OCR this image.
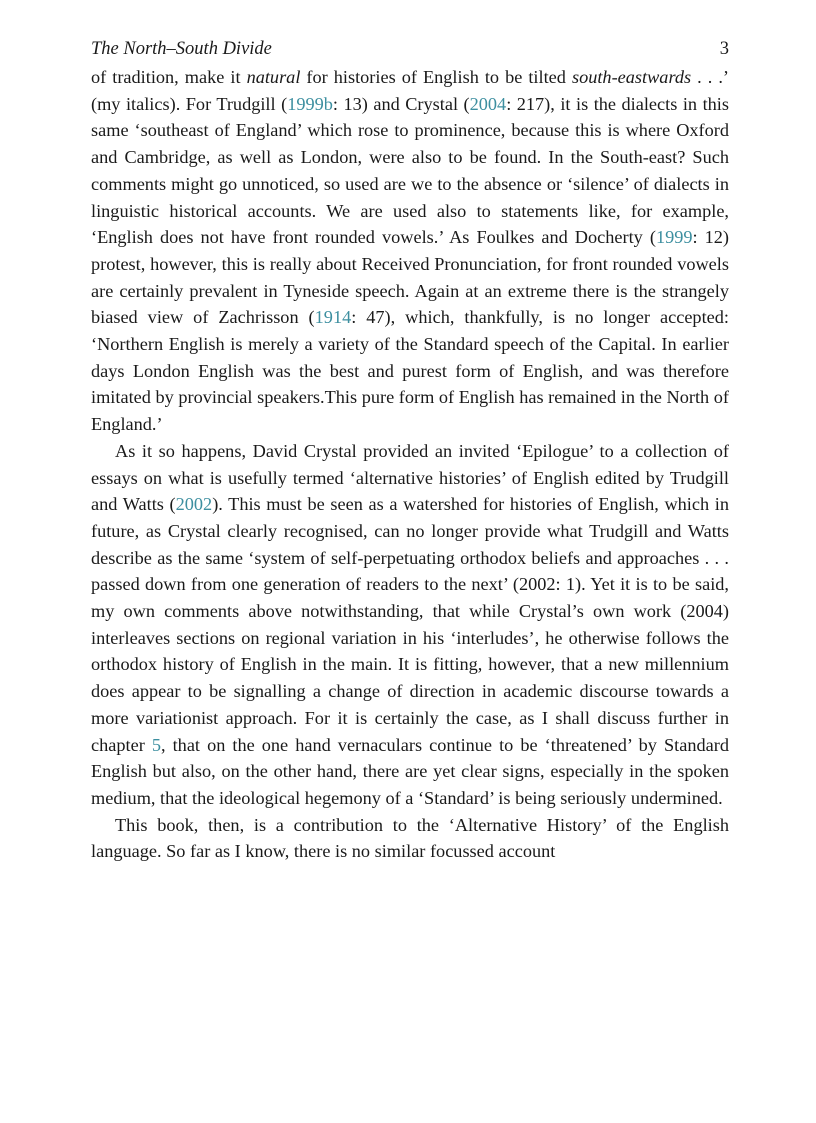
The North–South Divide	3

of tradition, make it natural for histories of English to be tilted south-eastwards . . .’ (my italics). For Trudgill (1999b: 13) and Crystal (2004: 217), it is the dialects in this same ‘southeast of England’ which rose to prominence, because this is where Oxford and Cambridge, as well as London, were also to be found. In the South-east? Such comments might go unnoticed, so used are we to the absence or ‘silence’ of dialects in linguistic historical accounts. We are used also to statements like, for example, ‘English does not have front rounded vowels.’ As Foulkes and Docherty (1999: 12) protest, however, this is really about Received Pronunciation, for front rounded vowels are certainly prevalent in Tyneside speech. Again at an extreme there is the strangely biased view of Zachrisson (1914: 47), which, thankfully, is no longer accepted: ‘Northern English is merely a variety of the Standard speech of the Capital. In earlier days London English was the best and purest form of English, and was therefore imitated by provincial speakers.This pure form of English has remained in the North of England.’

As it so happens, David Crystal provided an invited ‘Epilogue’ to a collection of essays on what is usefully termed ‘alternative histories’ of English edited by Trudgill and Watts (2002). This must be seen as a watershed for histories of English, which in future, as Crystal clearly recognised, can no longer provide what Trudgill and Watts describe as the same ‘system of self-perpetuating orthodox beliefs and approaches . . . passed down from one generation of readers to the next’ (2002: 1). Yet it is to be said, my own comments above notwithstanding, that while Crystal’s own work (2004) interleaves sections on regional variation in his ‘interludes’, he otherwise follows the orthodox history of English in the main. It is fitting, however, that a new millennium does appear to be signalling a change of direction in academic discourse towards a more variationist approach. For it is certainly the case, as I shall discuss further in chapter 5, that on the one hand vernaculars continue to be ‘threatened’ by Standard English but also, on the other hand, there are yet clear signs, especially in the spoken medium, that the ideological hegemony of a ‘Standard’ is being seriously undermined.

This book, then, is a contribution to the ‘Alternative History’ of the English language. So far as I know, there is no similar focussed account
